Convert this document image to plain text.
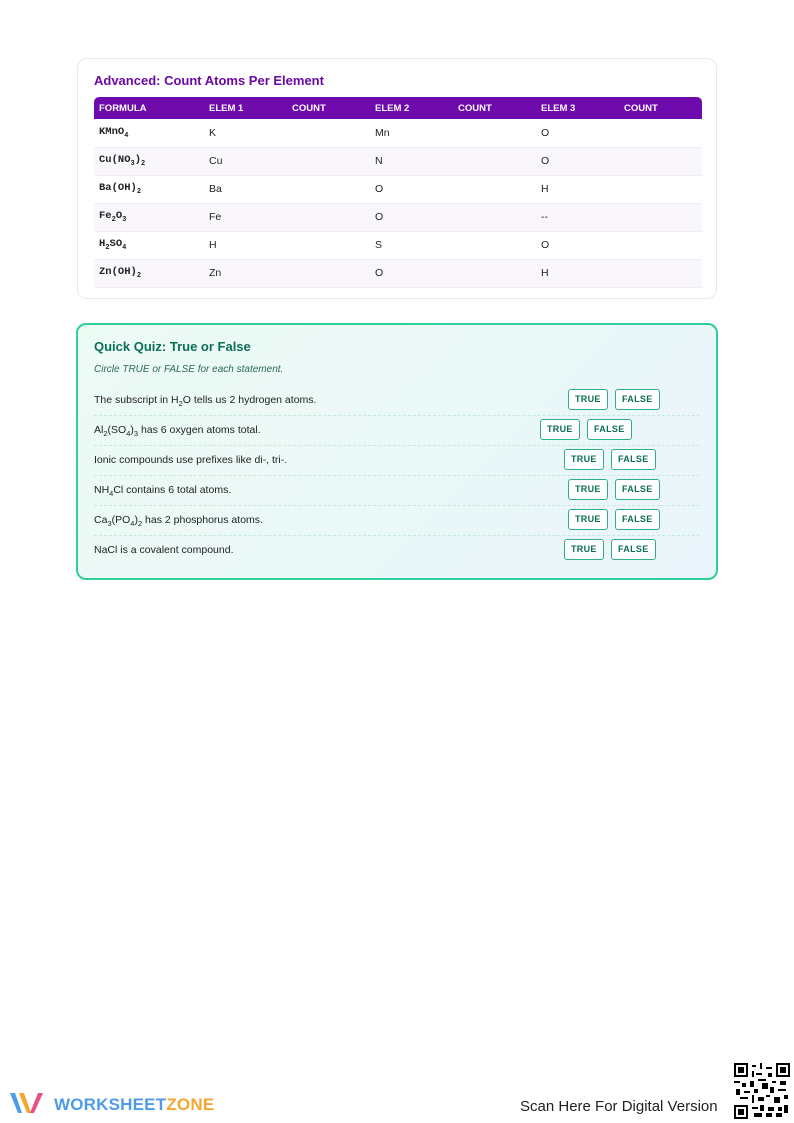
Advanced: Count Atoms Per Element
FORMULA	ELEM 1	COUNT	ELEM 2	COUNT	ELEM 3	COUNT
KMnO$_4$	K		Mn		O	
$Cu(NO_3)_2$	Cu		N		O	
$Ba(OH)_2$	Ba		O		H	
$Fe_2O_3$	Fe		O		--	
$H_2SO_4$	H		S		O	
$Zn(OH)_2$	Zn		O		H	
Quick Quiz: True or False
Circle TRUE or FALSE for each statement.
The subscript in $H_2O$ tells us 2 hydrogen atoms.	TRUE	FALSE
$Al_2(SO_4)_3$ has 6 oxygen atoms total.	TRUE	FALSE
Ionic compounds use prefixes like di-, tri-.	TRUE	FALSE
$NH_4Cl$ contains 6 total atoms.	TRUE	FALSE
$Ca_3(PO_4)_2$ has 2 phosphorus atoms.	TRUE	FALSE
NaCl is a covalent compound.	TRUE	FALSE
WORKSHEETZONE	Scan Here For Digital Version
